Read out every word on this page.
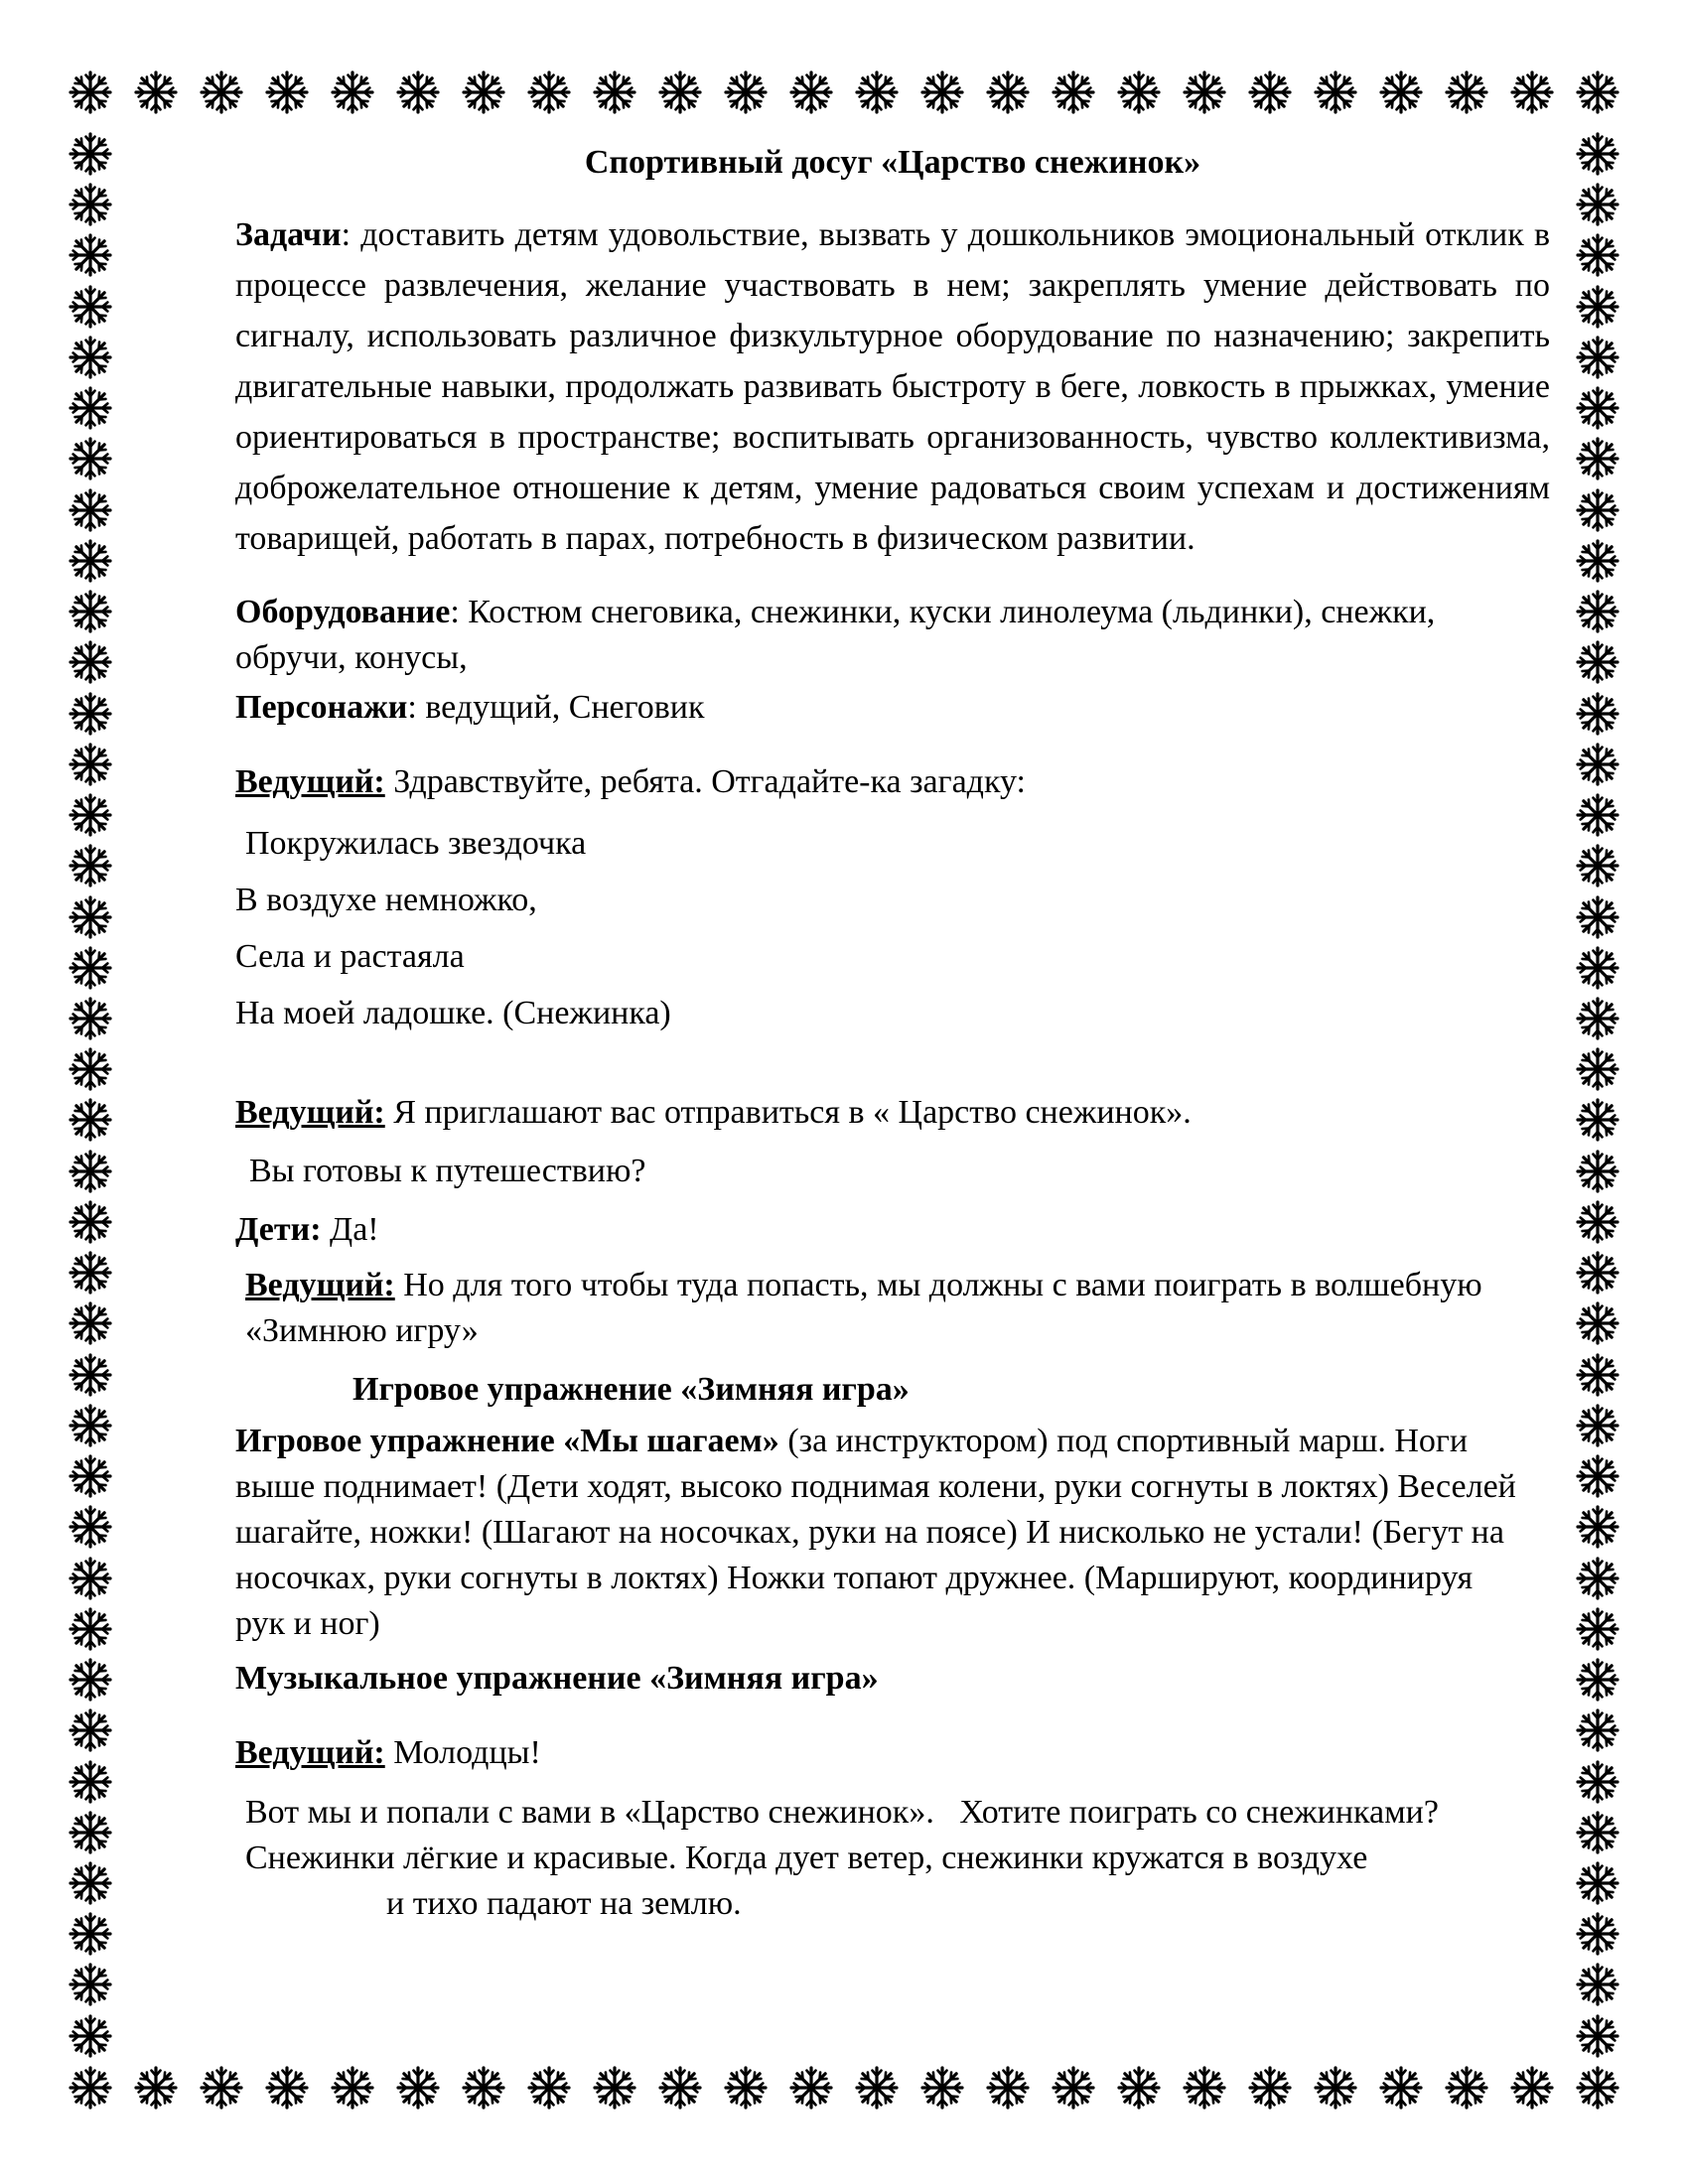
Спортивный досуг «Царство снежинок»

Задачи: доставить детям удовольствие, вызвать у дошкольников эмоциональный отклик в процессе развлечения, желание участвовать в нем; закреплять умение действовать по сигналу, использовать различное физкультурное оборудование по назначению; закрепить двигательные навыки, продолжать развивать быстроту в беге, ловкость в прыжках, умение ориентироваться в пространстве; воспитывать организованность, чувство коллективизма, доброжелательное отношение к детям, умение радоваться своим успехам и достижениям товарищей, работать в парах, потребность в физическом развитии.

Оборудование: Костюм снеговика, снежинки, куски линолеума (льдинки), снежки, обручи, конусы,

Персонажи: ведущий, Снеговик

Ведущий: Здравствуйте, ребята. Отгадайте-ка загадку:

Покружилась звездочка

В воздухе немножко,

Села и растаяла

На моей ладошке. (Снежинка)

Ведущий: Я приглашают вас отправиться в « Царство снежинок».

Вы готовы к путешествию?

Дети: Да!

Ведущий: Но для того чтобы туда попасть, мы должны с вами поиграть в волшебную «Зимнюю игру»

Игровое упражнение «Зимняя игра»

Игровое упражнение «Мы шагаем» (за инструктором) под спортивный марш. Ноги выше поднимает! (Дети ходят, высоко поднимая колени, руки согнуты в локтях) Веселей шагайте, ножки! (Шагают на носочках, руки на поясе) И нисколько не устали! (Бегут на носочках, руки согнуты в локтях) Ножки топают дружнее. (Маршируют, координируя рук и ног)

Музыкальное упражнение «Зимняя игра»

Ведущий: Молодцы!

Вот мы и попали с вами в «Царство снежинок».   Хотите поиграть со снежинками? Снежинки лёгкие и красивые. Когда дует ветер, снежинки кружатся в воздухеи тихо падают на землю.
